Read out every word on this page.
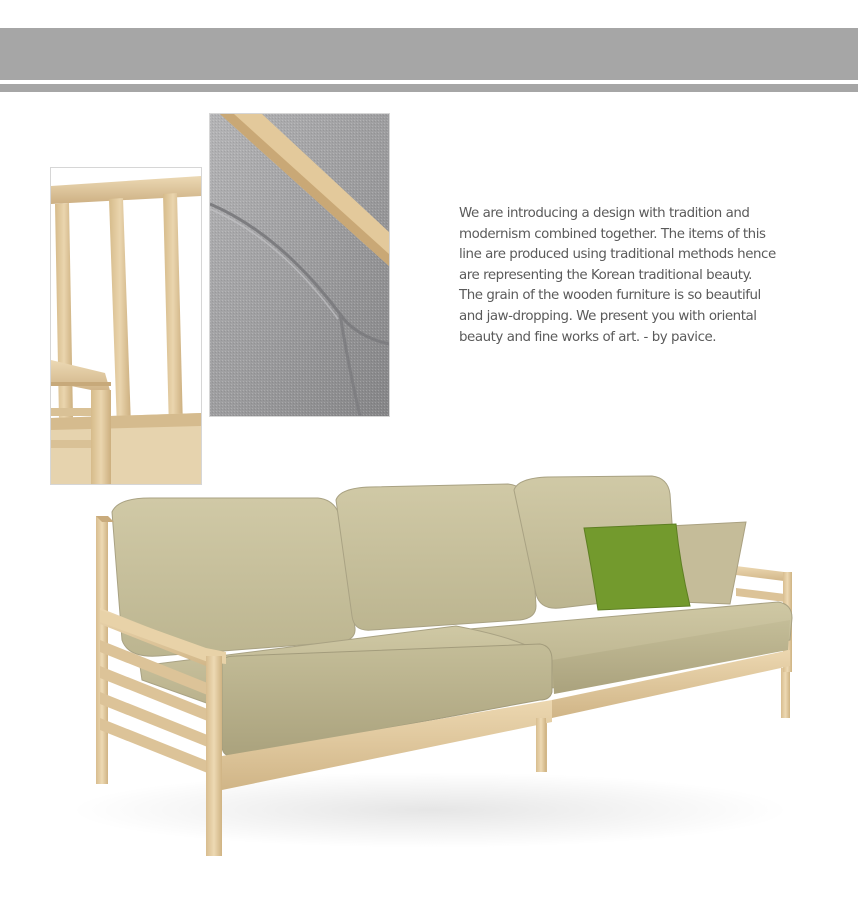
We are introducing a design with tradition and
modernism combined together. The items of this
line are produced using traditional methods hence
are representing the Korean traditional beauty.
The grain of the wooden furniture is so beautiful
and jaw-dropping. We present you with oriental
beauty and fine works of art. - by pavice.
